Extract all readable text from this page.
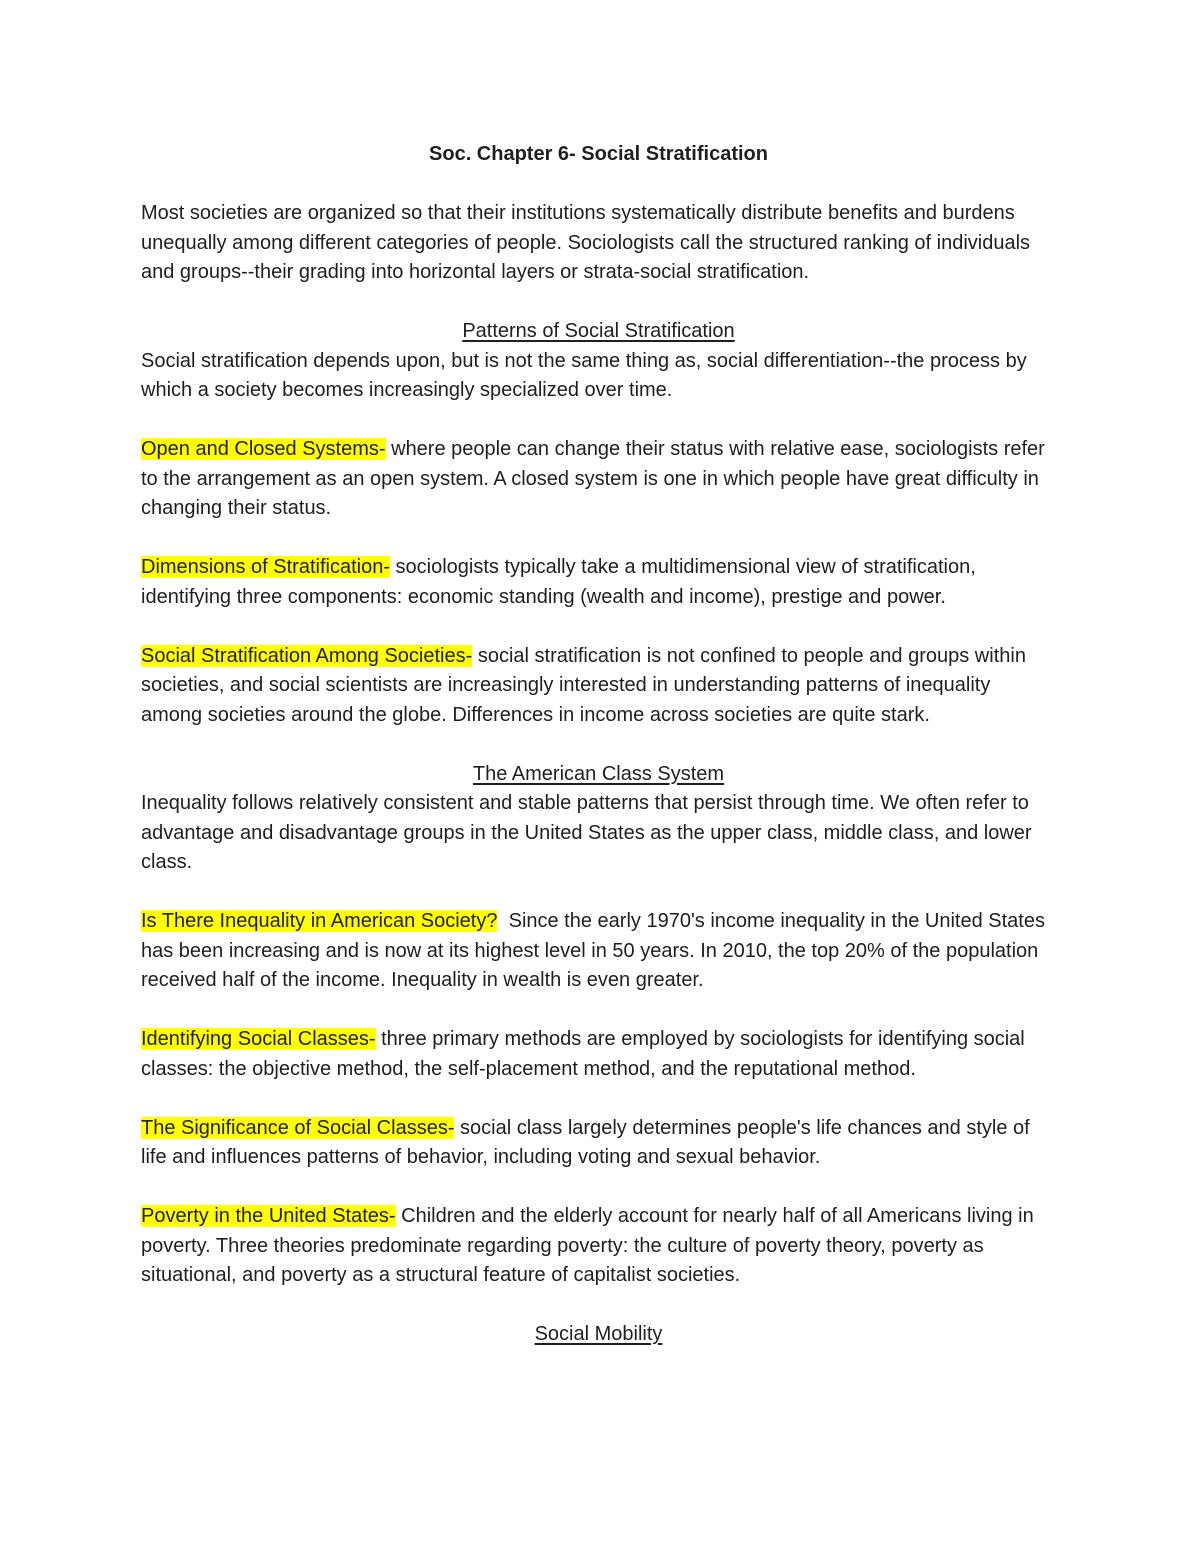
Soc. Chapter 6- Social Stratification

Most societies are organized so that their institutions systematically distribute benefits and burdens unequally among different categories of people. Sociologists call the structured ranking of individuals and groups--their grading into horizontal layers or strata-social stratification.

Patterns of Social Stratification

Social stratification depends upon, but is not the same thing as, social differentiation--the process by which a society becomes increasingly specialized over time.

Open and Closed Systems- where people can change their status with relative ease, sociologists refer to the arrangement as an open system. A closed system is one in which people have great difficulty in changing their status.

Dimensions of Stratification- sociologists typically take a multidimensional view of stratification, identifying three components: economic standing (wealth and income), prestige and power.

Social Stratification Among Societies- social stratification is not confined to people and groups within societies, and social scientists are increasingly interested in understanding patterns of inequality among societies around the globe. Differences in income across societies are quite stark.

The American Class System

Inequality follows relatively consistent and stable patterns that persist through time. We often refer to advantage and disadvantage groups in the United States as the upper class, middle class, and lower class.

Is There Inequality in American Society?  Since the early 1970's income inequality in the United States has been increasing and is now at its highest level in 50 years. In 2010, the top 20% of the population received half of the income. Inequality in wealth is even greater.

Identifying Social Classes- three primary methods are employed by sociologists for identifying social classes: the objective method, the self-placement method, and the reputational method.

The Significance of Social Classes- social class largely determines people's life chances and style of life and influences patterns of behavior, including voting and sexual behavior.

Poverty in the United States- Children and the elderly account for nearly half of all Americans living in poverty. Three theories predominate regarding poverty: the culture of poverty theory, poverty as situational, and poverty as a structural feature of capitalist societies.

Social Mobility
